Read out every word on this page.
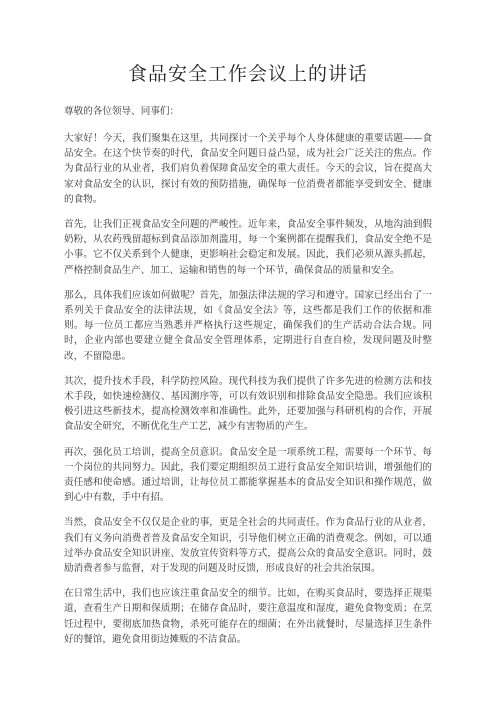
食品安全工作会议上的讲话

尊敬的各位领导、同事们：

大家好！今天，我们聚集在这里，共同探讨一个关乎每个人身体健康的重要话题——食品安全。在这个快节奏的时代，食品安全问题日益凸显，成为社会广泛关注的焦点。作为食品行业的从业者，我们肩负着保障食品安全的重大责任。今天的会议，旨在提高大家对食品安全的认识，探讨有效的预防措施，确保每一位消费者都能享受到安全、健康的食物。

首先，让我们正视食品安全问题的严峻性。近年来，食品安全事件频发，从地沟油到假奶粉，从农药残留超标到食品添加剂滥用，每一个案例都在提醒我们，食品安全绝不是小事。它不仅关系到个人健康，更影响社会稳定和发展。因此，我们必须从源头抓起，严格控制食品生产、加工、运输和销售的每一个环节，确保食品的质量和安全。

那么，具体我们应该如何做呢？首先，加强法律法规的学习和遵守。国家已经出台了一系列关于食品安全的法律法规，如《食品安全法》等，这些都是我们工作的依据和准则。每一位员工都应当熟悉并严格执行这些规定，确保我们的生产活动合法合规。同时，企业内部也要建立健全食品安全管理体系，定期进行自查自检，发现问题及时整改，不留隐患。

其次，提升技术手段，科学防控风险。现代科技为我们提供了许多先进的检测方法和技术手段，如快速检测仪、基因测序等，可以有效识别和排除食品安全隐患。我们应该积极引进这些新技术，提高检测效率和准确性。此外，还要加强与科研机构的合作，开展食品安全研究，不断优化生产工艺，减少有害物质的产生。

再次，强化员工培训，提高全员意识。食品安全是一项系统工程，需要每一个环节、每一个岗位的共同努力。因此，我们要定期组织员工进行食品安全知识培训，增强他们的责任感和使命感。通过培训，让每位员工都能掌握基本的食品安全知识和操作规范，做到心中有数，手中有招。

当然，食品安全不仅仅是企业的事，更是全社会的共同责任。作为食品行业的从业者，我们有义务向消费者普及食品安全知识，引导他们树立正确的消费观念。例如，可以通过举办食品安全知识讲座、发放宣传资料等方式，提高公众的食品安全意识。同时，鼓励消费者参与监督，对于发现的问题及时反馈，形成良好的社会共治氛围。

在日常生活中，我们也应该注重食品安全的细节。比如，在购买食品时，要选择正规渠道，查看生产日期和保质期；在储存食品时，要注意温度和湿度，避免食物变质；在烹饪过程中，要彻底加热食物，杀死可能存在的细菌；在外出就餐时，尽量选择卫生条件好的餐馆，避免食用街边摊贩的不洁食品。
